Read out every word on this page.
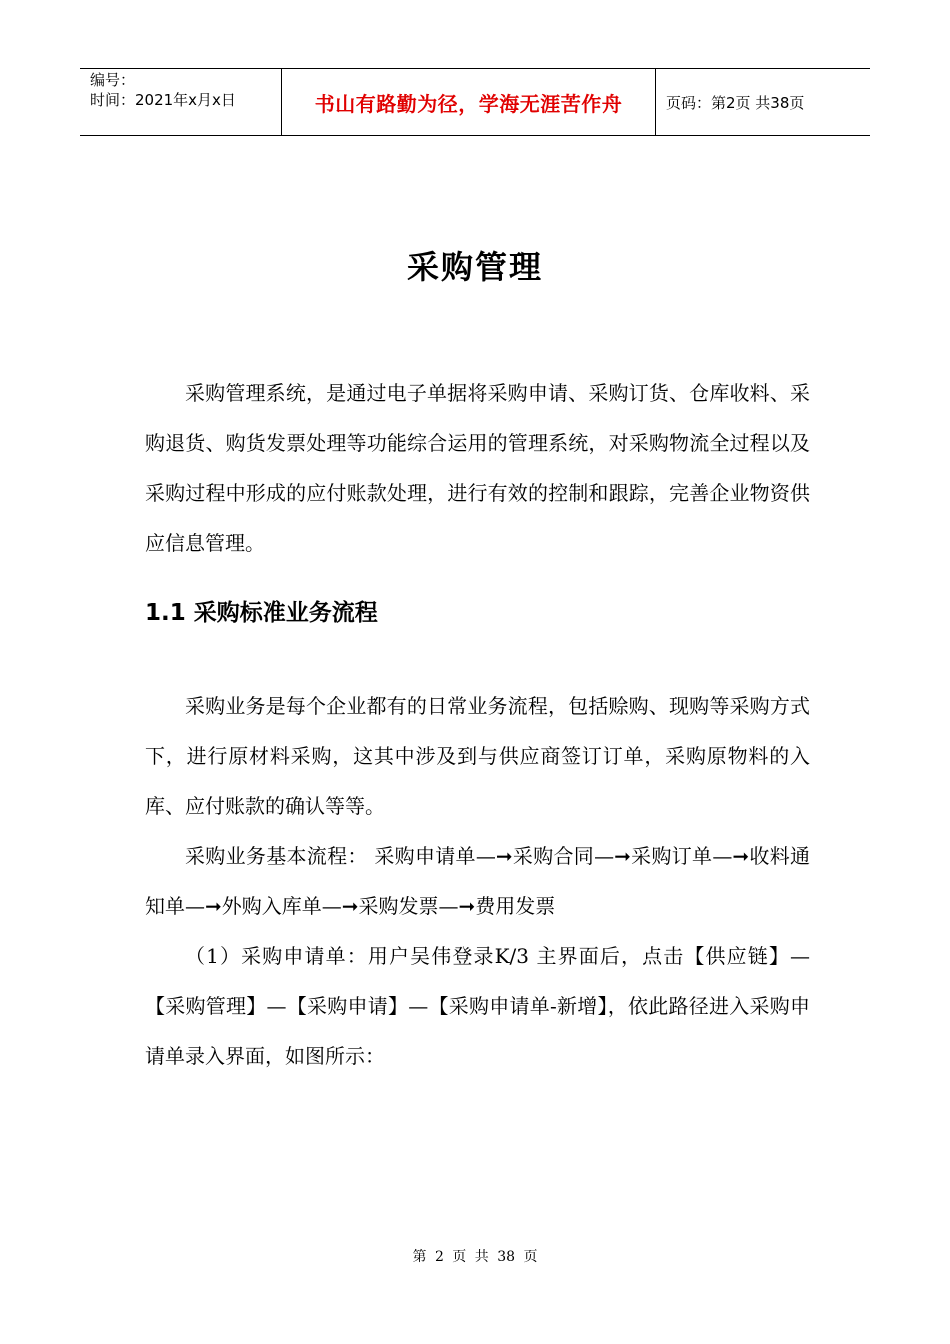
编号：
时间：2021年x月x日	书山有路勤为径，学海无涯苦作舟	页码：第2页 共38页
采购管理

采购管理系统，是通过电子单据将采购申请、采购订货、仓库收料、采购退货、购货发票处理等功能综合运用的管理系统，对采购物流全过程以及采购过程中形成的应付账款处理，进行有效的控制和跟踪，完善企业物资供应信息管理。

1.1 采购标准业务流程

采购业务是每个企业都有的日常业务流程，包括赊购、现购等采购方式下，进行原材料采购，这其中涉及到与供应商签订订单，采购原物料的入库、应付账款的确认等等。

采购业务基本流程： 采购申请单—➞采购合同—➞采购订单—➞收料通知单—➞外购入库单—➞采购发票—➞费用发票

（1）采购申请单：用户吴伟登录K/3 主界面后，点击【供应链】—【采购管理】—【采购申请】—【采购申请单-新增】，依此路径进入采购申请单录入界面，如图所示：

第 2 页 共 38 页
